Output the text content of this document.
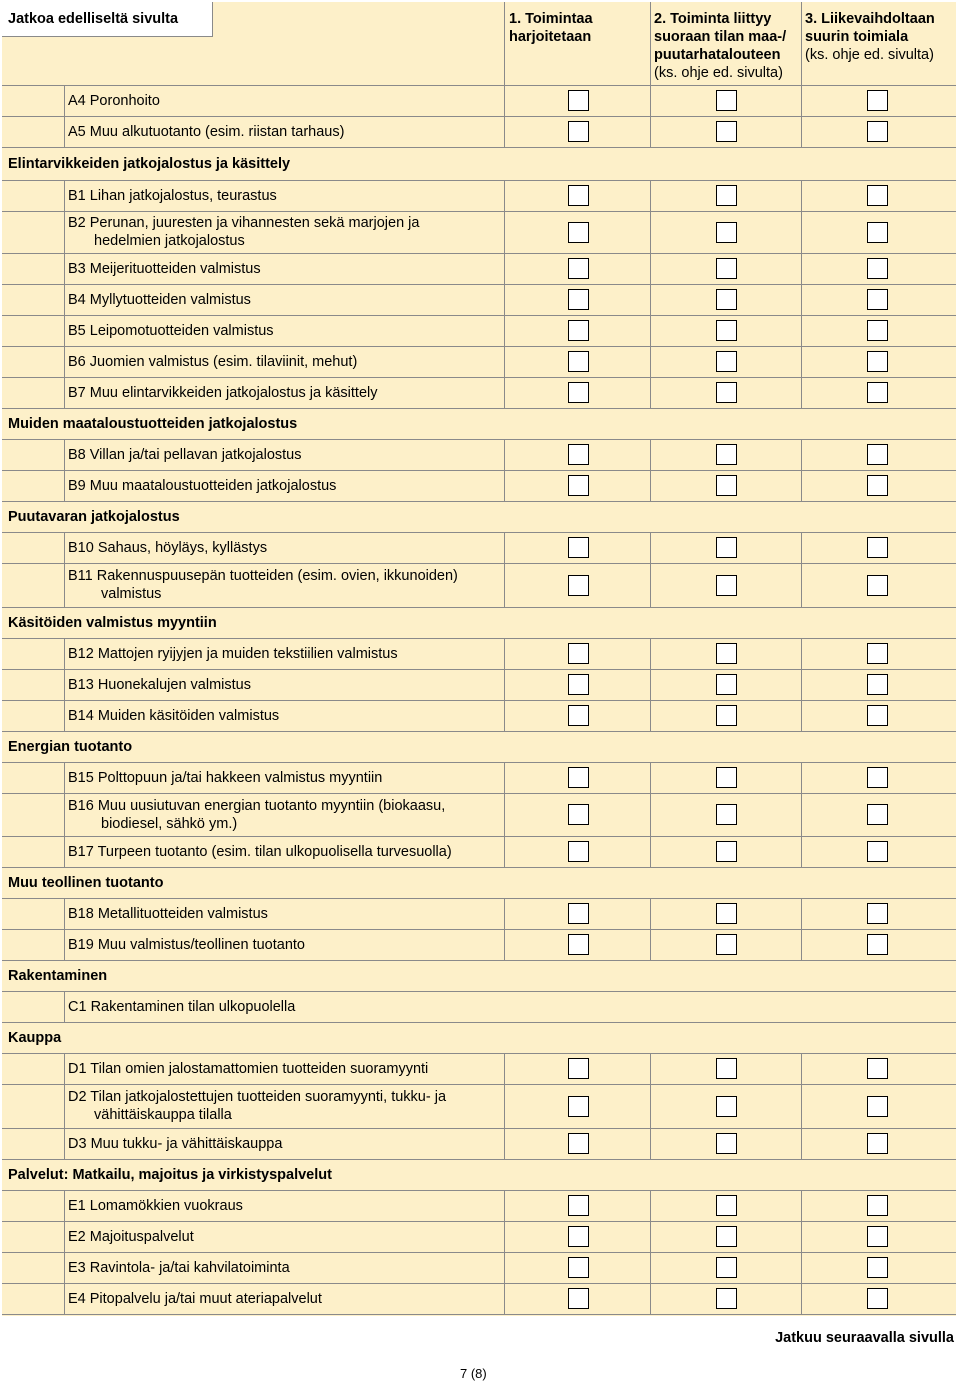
1. Toimintaa harjoitetaan
2. Toiminta liittyy suoraan tilan maa-/ puutarhatalouteen
(ks. ohje ed. sivulta)
3. Liikevaihdoltaan suurin toimiala
(ks. ohje ed. sivulta)
A4 Poronhoito
A5 Muu alkutuotanto (esim. riistan tarhaus)
Elintarvikkeiden jatkojalostus ja käsittely
B1 Lihan jatkojalostus, teurastus
B2 Perunan, juuresten ja vihannesten sekä marjojen ja
hedelmien jatkojalostus
B3 Meijerituotteiden valmistus
B4 Myllytuotteiden valmistus
B5 Leipomotuotteiden valmistus
B6 Juomien valmistus (esim. tilaviinit, mehut)
B7 Muu elintarvikkeiden jatkojalostus ja käsittely
Muiden maataloustuotteiden jatkojalostus
B8 Villan ja/tai pellavan jatkojalostus
B9 Muu maataloustuotteiden jatkojalostus
Puutavaran jatkojalostus
B10 Sahaus, höyläys, kyllästys
B11 Rakennuspuusepän tuotteiden (esim. ovien, ikkunoiden)
valmistus
Käsitöiden valmistus myyntiin
B12 Mattojen ryijyjen ja muiden tekstiilien valmistus
B13 Huonekalujen valmistus
B14 Muiden käsitöiden valmistus
Energian tuotanto
B15 Polttopuun ja/tai hakkeen valmistus myyntiin
B16 Muu uusiutuvan energian tuotanto myyntiin (biokaasu,
biodiesel, sähkö ym.)
B17 Turpeen tuotanto (esim. tilan ulkopuolisella turvesuolla)
Muu teollinen tuotanto
B18 Metallituotteiden valmistus
B19 Muu valmistus/teollinen tuotanto
Rakentaminen
C1 Rakentaminen tilan ulkopuolella
Kauppa
D1 Tilan omien jalostamattomien tuotteiden suoramyynti
D2 Tilan jatkojalostettujen tuotteiden suoramyynti, tukku- ja
vähittäiskauppa tilalla
D3 Muu tukku- ja vähittäiskauppa
Palvelut: Matkailu, majoitus ja virkistyspalvelut
E1 Lomamökkien vuokraus
E2 Majoituspalvelut
E3 Ravintola- ja/tai kahvilatoiminta
E4 Pitopalvelu ja/tai muut ateriapalvelut
Jatkoa edelliseltä sivulta
Jatkuu seuraavalla sivulla
7 (8)
